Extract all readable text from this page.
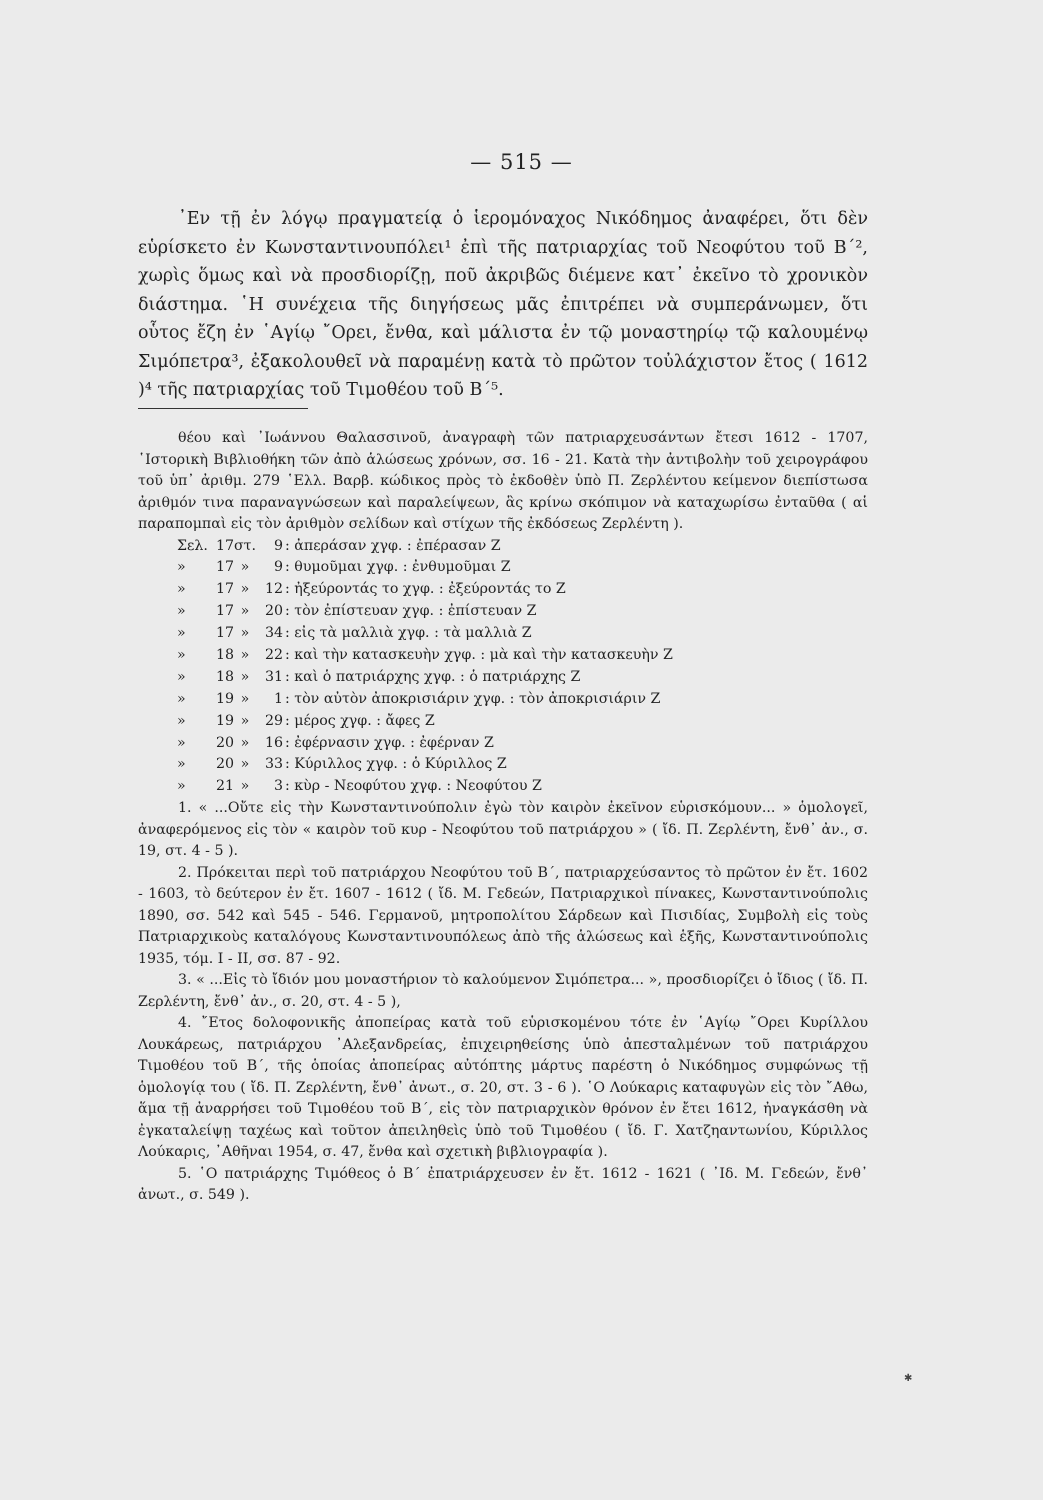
— 515 —

᾿Εν τῇ ἐν λόγῳ πραγματείᾳ ὁ ἱερομόναχος Νικόδημος ἀναφέρει, ὅτι δὲν εὑρίσκετο ἐν Κωνσταντινουπόλει¹ ἐπὶ τῆς πατριαρχίας τοῦ Νεοφύτου τοῦ Β΄², χωρὶς ὅμως καὶ νὰ προσδιορίζῃ, ποῦ ἀκριβῶς διέμενε κατ᾿ ἐκεῖνο τὸ χρονικὸν διάστημα. ῾Η συνέχεια τῆς διηγήσεως μᾶς ἐπιτρέπει νὰ συμπεράνωμεν, ὅτι οὗτος ἔζη ἐν ῾Αγίῳ ῎Ορει, ἔνθα, καὶ μάλιστα ἐν τῷ μοναστηρίῳ τῷ καλουμένῳ Σιμόπετρα³, ἐξακολουθεῖ νὰ παραμένῃ κατὰ τὸ πρῶτον τοὐλάχιστον ἔτος ( 1612 )⁴ τῆς πατριαρχίας τοῦ Τιμοθέου τοῦ Β΄⁵.

θέου καὶ ᾿Ιωάννου Θαλασσινοῦ, ἀναγραφὴ τῶν πατριαρχευσάντων ἔτεσι 1612 - 1707, ῾Ιστορικὴ Βιβλιοθήκη τῶν ἀπὸ ἁλώσεως χρόνων, σσ. 16 - 21. Κατὰ τὴν ἀντιβολὴν τοῦ χειρογράφου τοῦ ὑπ᾿ ἀριθμ. 279 ῾Ελλ. Βαρβ. κώδικος πρὸς τὸ ἐκδοθὲν ὑπὸ Π. Ζερλέντου κείμενον διεπίστωσα ἀριθμόν τινα παραναγνώσεων καὶ παραλείψεων, ἃς κρίνω σκόπιμον νὰ καταχωρίσω ἐνταῦθα ( αἱ παραπομπαὶ εἰς τὸν ἀριθμὸν σελίδων καὶ στίχων τῆς ἐκδόσεως Ζερλέντη ).

Σελ. 17στ. 9 : ἀπεράσαν χγφ. : ἐπέρασαν Ζ
» 17 » 9 : θυμοῦμαι χγφ. : ἐνθυμοῦμαι Ζ
» 17 » 12 : ἠξεύροντάς το χγφ. : ἐξεύροντάς το Ζ
» 17 » 20 : τὸν ἐπίστευαν χγφ. : ἐπίστευαν Ζ
» 17 » 34 : εἰς τὰ μαλλιὰ χγφ. : τὰ μαλλιὰ Ζ
» 18 » 22 : καὶ τὴν κατασκευὴν χγφ. : μὰ καὶ τὴν κατασκευὴν Ζ
» 18 » 31 : καὶ ὁ πατριάρχης χγφ. : ὁ πατριάρχης Ζ
» 19 » 1 : τὸν αὐτὸν ἀποκρισιάριν χγφ. : τὸν ἀποκρισιάριν Ζ
» 19 » 29 : μέρος χγφ. : ἄφες Ζ
» 20 » 16 : ἐφέρνασιν χγφ. : ἐφέρναν Ζ
» 20 » 33 : Κύριλλος χγφ. : ὁ Κύριλλος Ζ
» 21 » 3 : κὺρ - Νεοφύτου χγφ. : Νεοφύτου Ζ

1. « ...Οὔτε εἰς τὴν Κωνσταντινούπολιν ἐγὼ τὸν καιρὸν ἐκεῖνον εὑρισκόμουν... » ὁμολογεῖ, ἀναφερόμενος εἰς τὸν « καιρὸν τοῦ κυρ - Νεοφύτου τοῦ πατριάρχου » ( ἴδ. Π. Ζερλέντη, ἔνθ᾿ ἀν., σ. 19, στ. 4 - 5 ).

2. Πρόκειται περὶ τοῦ πατριάρχου Νεοφύτου τοῦ Β΄, πατριαρχεύσαντος τὸ πρῶτον ἐν ἔτ. 1602 - 1603, τὸ δεύτερον ἐν ἔτ. 1607 - 1612 ( ἴδ. Μ. Γεδεών, Πατριαρχικοὶ πίνακες, Κωνσταντινούπολις 1890, σσ. 542 καὶ 545 - 546. Γερμανοῦ, μητροπολίτου Σάρδεων καὶ Πισιδίας, Συμβολὴ εἰς τοὺς Πατριαρχικοὺς καταλόγους Κωνσταντινουπόλεως ἀπὸ τῆς ἁλώσεως καὶ ἑξῆς, Κωνσταντινούπολις 1935, τόμ. I - II, σσ. 87 - 92.

3. « ...Εἰς τὸ ἴδιόν μου μοναστήριον τὸ καλούμενον Σιμόπετρα... », προσδιορίζει ὁ ἴδιος ( ἴδ. Π. Ζερλέντη, ἔνθ᾿ ἀν., σ. 20, στ. 4 - 5 ),

4. ῎Ετος δολοφονικῆς ἀποπείρας κατὰ τοῦ εὑρισκομένου τότε ἐν ῾Αγίῳ ῎Ορει Κυρίλλου Λουκάρεως, πατριάρχου ᾿Αλεξανδρείας, ἐπιχειρηθείσης ὑπὸ ἀπεσταλμένων τοῦ πατριάρχου Τιμοθέου τοῦ Β΄, τῆς ὁποίας ἀποπείρας αὐτόπτης μάρτυς παρέστη ὁ Νικόδημος συμφώνως τῇ ὁμολογίᾳ του ( ἴδ. Π. Ζερλέντη, ἔνθ᾿ ἀνωτ., σ. 20, στ. 3 - 6 ). ῾Ο Λούκαρις καταφυγὼν εἰς τὸν ῎Αθω, ἅμα τῇ ἀναρρήσει τοῦ Τιμοθέου τοῦ Β΄, εἰς τὸν πατριαρχικὸν θρόνον ἐν ἔτει 1612, ἠναγκάσθη νὰ ἐγκαταλείψῃ ταχέως καὶ τοῦτον ἀπειληθεὶς ὑπὸ τοῦ Τιμοθέου ( ἴδ. Γ. Χατζηαντωνίου, Κύριλλος Λούκαρις, ᾿Αθῆναι 1954, σ. 47, ἔνθα καὶ σχετικὴ βιβλιογραφία ).

5. ῾Ο πατριάρχης Τιμόθεος ὁ Β΄ ἐπατριάρχευσεν ἐν ἔτ. 1612 - 1621 ( ᾿Ιδ. Μ. Γεδεών, ἔνθ᾿ ἀνωτ., σ. 549 ).

✱
